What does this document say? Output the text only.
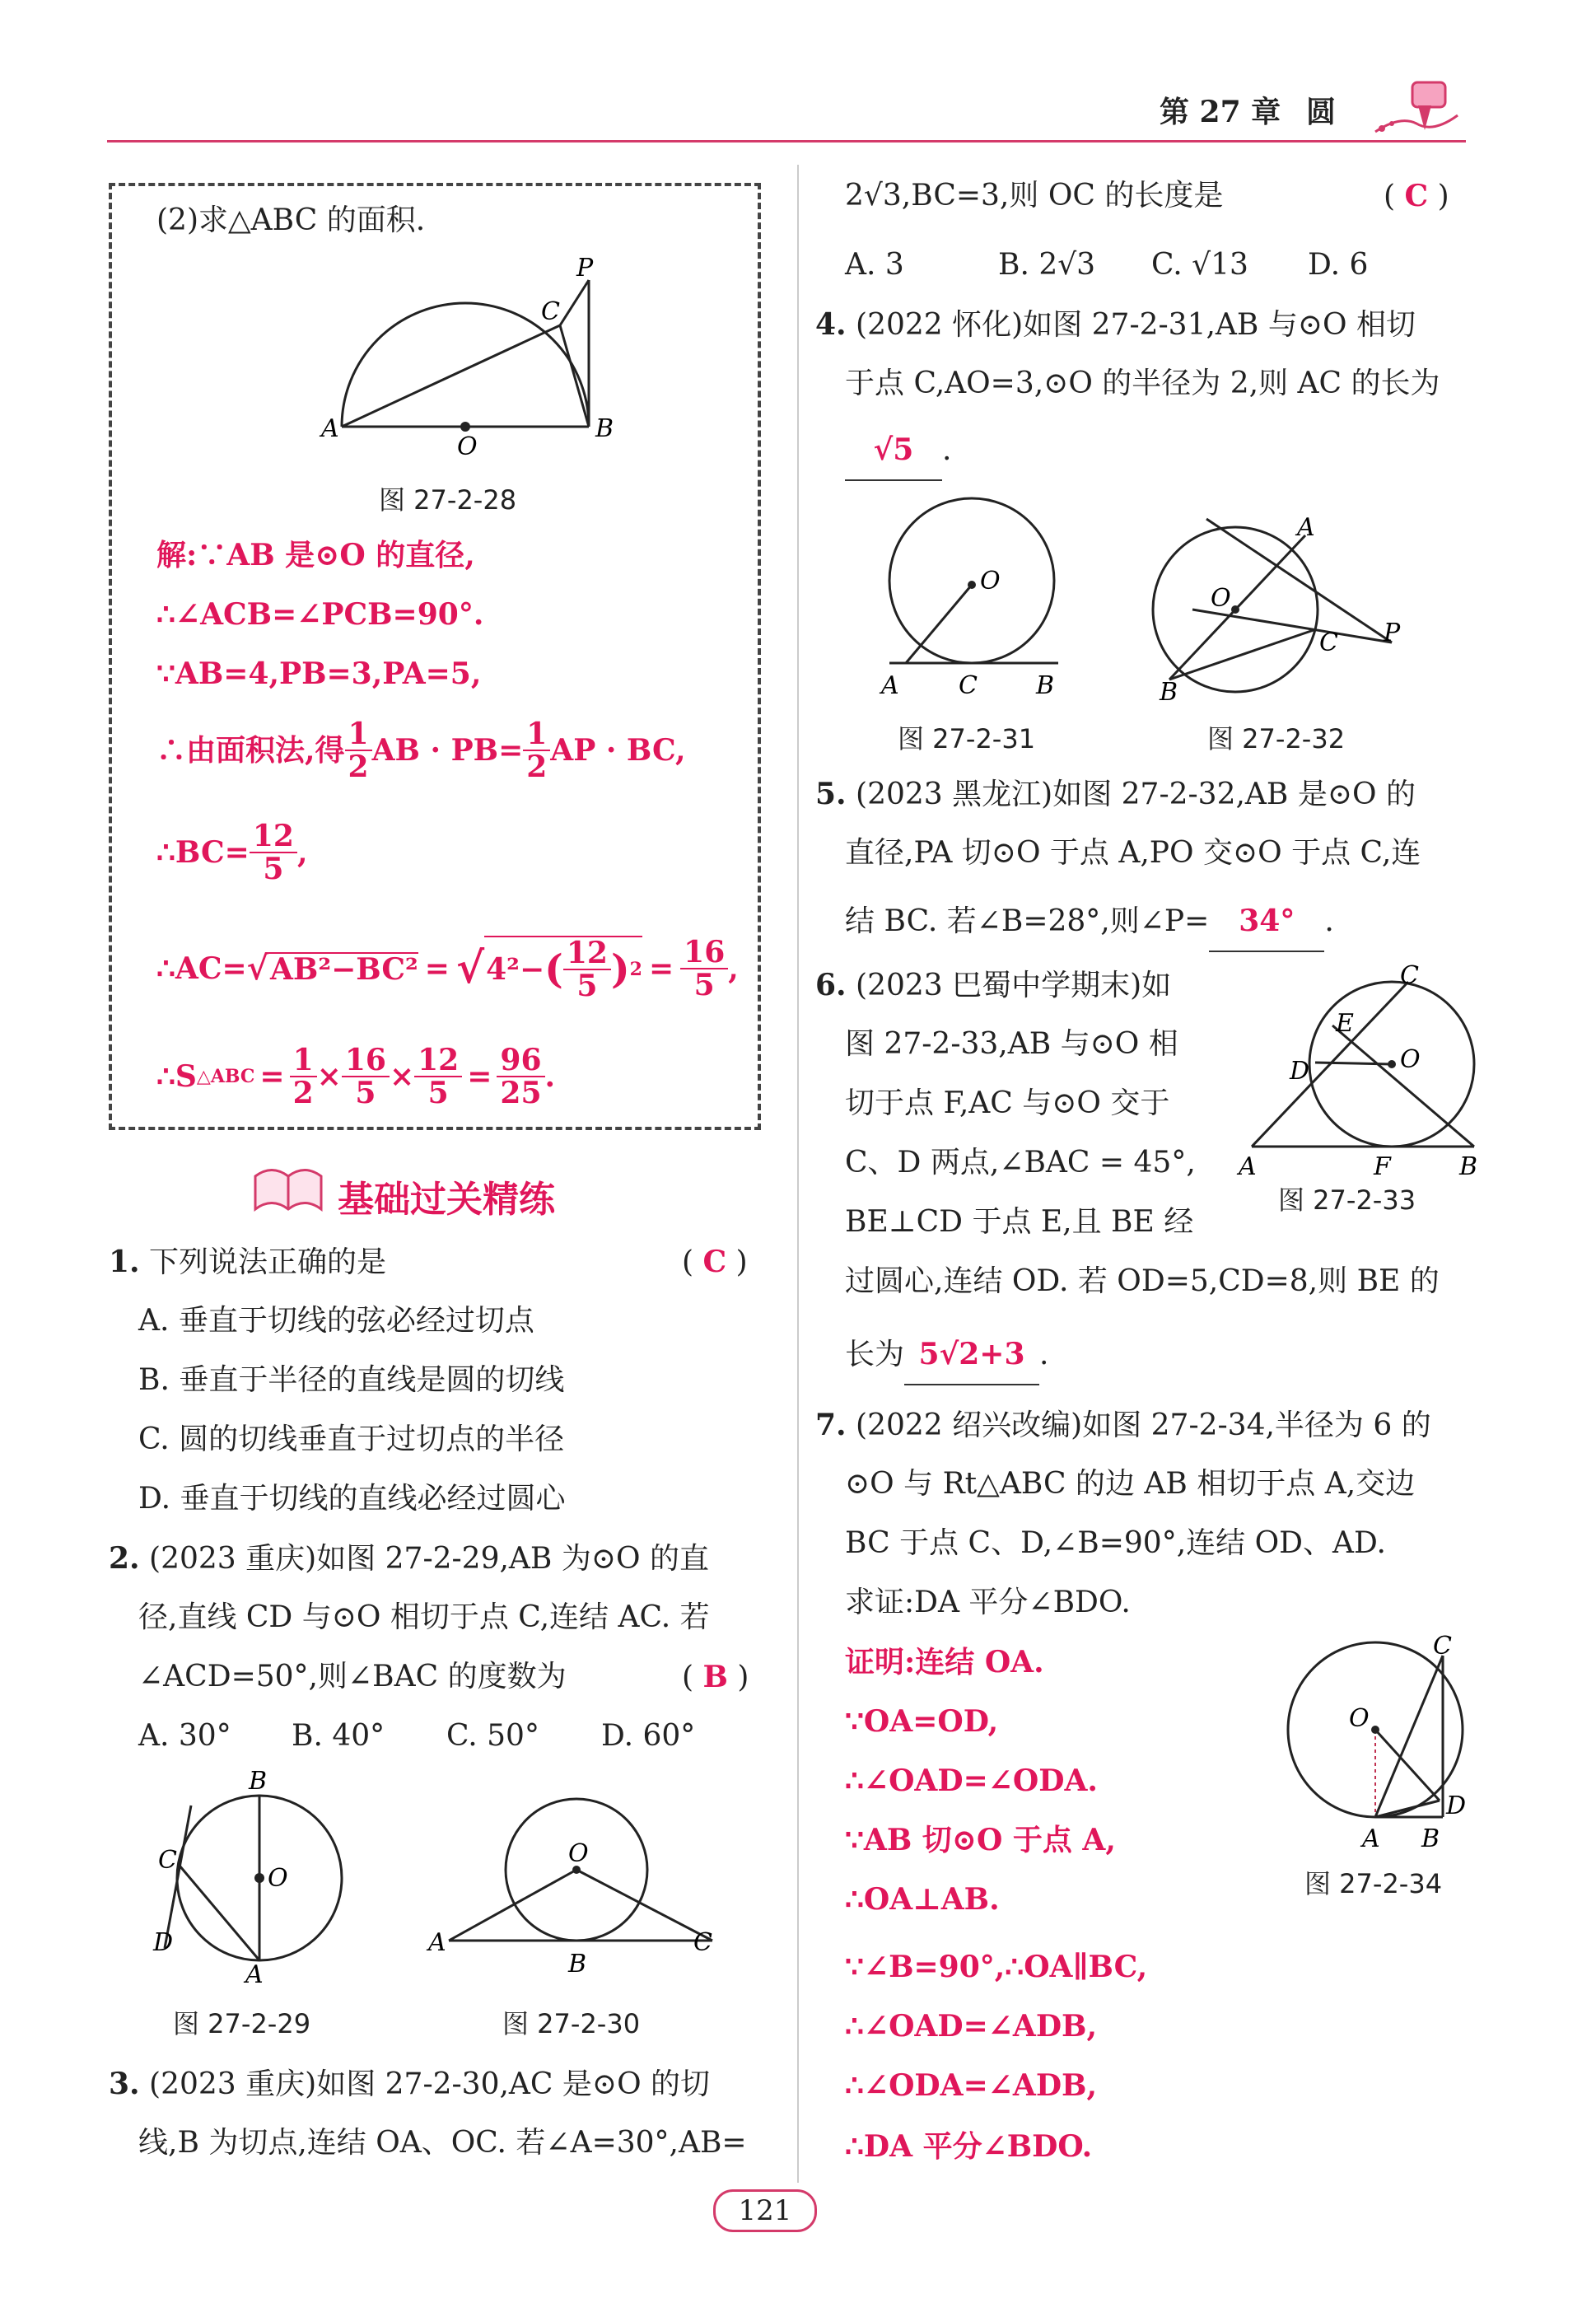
第 27 章 圆
(2)求△ABC 的面积.
A	B
O
C
P
图 27-2-28
解:∵AB 是⊙O 的直径,
∴∠ACB=∠PCB=90°.
∵AB=4,PB=3,PA=5,
∴由面积法,得 $\frac{1}{2}$ AB · $PB= \frac{1}{2}$ AP · BC,
∴BC= $\frac{12}{5}$ ,
∴AC= √ AB²−BC² = √ 4²− ( $\frac{12}{5}$ ) $2 = \frac{16}{5}$ ,
∴S △ABC = $\frac{1}{2} \times \frac{16}{5} \times \frac{12}{5} = \frac{96}{25}$ .
基础过关精练
1. 下列说法正确的是	( C )
A. 垂直于切线的弦必经过切点
B. 垂直于半径的直线是圆的切线
C. 圆的切线垂直于过切点的半径
D. 垂直于切线的直线必经过圆心
2. (2023 重庆)如图 27-2-29,AB 为⊙O 的直
径,直线 CD 与⊙O 相切于点 C,连结 AC. 若
∠ACD=50°,则∠BAC 的度数为	( B )
A. 30° B. 40° C. 50° D. 60°
B
O
C
D
A
图 27-2-29
O
A
B
C
图 27-2-30
3. (2023 重庆)如图 27-2-30,AC 是⊙O 的切
线,B 为切点,连结 OA、OC. 若∠A=30°,AB=
2√3,BC=3,则 OC 的长度是	( C )
A. 3	B. 2√3 C. √13 D. 6
4. (2022 怀化)如图 27-2-31,AB 与⊙O 相切
于点 C,AO=3,⊙O 的半径为 2,则 AC 的长为
√5 .
O
A C B
图 27-2-31
A
O
C P
B
图 27-2-32
5. (2023 黑龙江)如图 27-2-32,AB 是⊙O 的
直径,PA 切⊙O 于点 A,PO 交⊙O 于点 C,连
结 BC. 若∠B=28°,则∠P= 34° .
6. (2023 巴蜀中学期末)如
图 27-2-33,AB 与⊙O 相
切于点 F,AC 与⊙O 交于
C、D 两点,∠BAC = 45°,
BE⊥CD 于点 E,且 BE 经
过圆心,连结 OD. 若 OD=5,CD=8,则 BE 的
长为 5√2+3 .
C
E
O
D
A	F	B
图 27-2-33
7. (2022 绍兴改编)如图 27-2-34,半径为 6 的
⊙O 与 Rt△ABC 的边 AB 相切于点 A,交边
BC 于点 C、D,∠B=90°,连结 OD、AD.
求证:DA 平分∠BDO.
证明:连结 OA.
∵OA=OD,
∴∠OAD=∠ODA.
∵AB 切⊙O 于点 A,
∴OA⊥AB.
∵∠B=90°,∴OA∥BC,
∴∠OAD=∠ADB,
∴∠ODA=∠ADB,
∴DA 平分∠BDO.
C
O
D
A B
图 27-2-34
121
